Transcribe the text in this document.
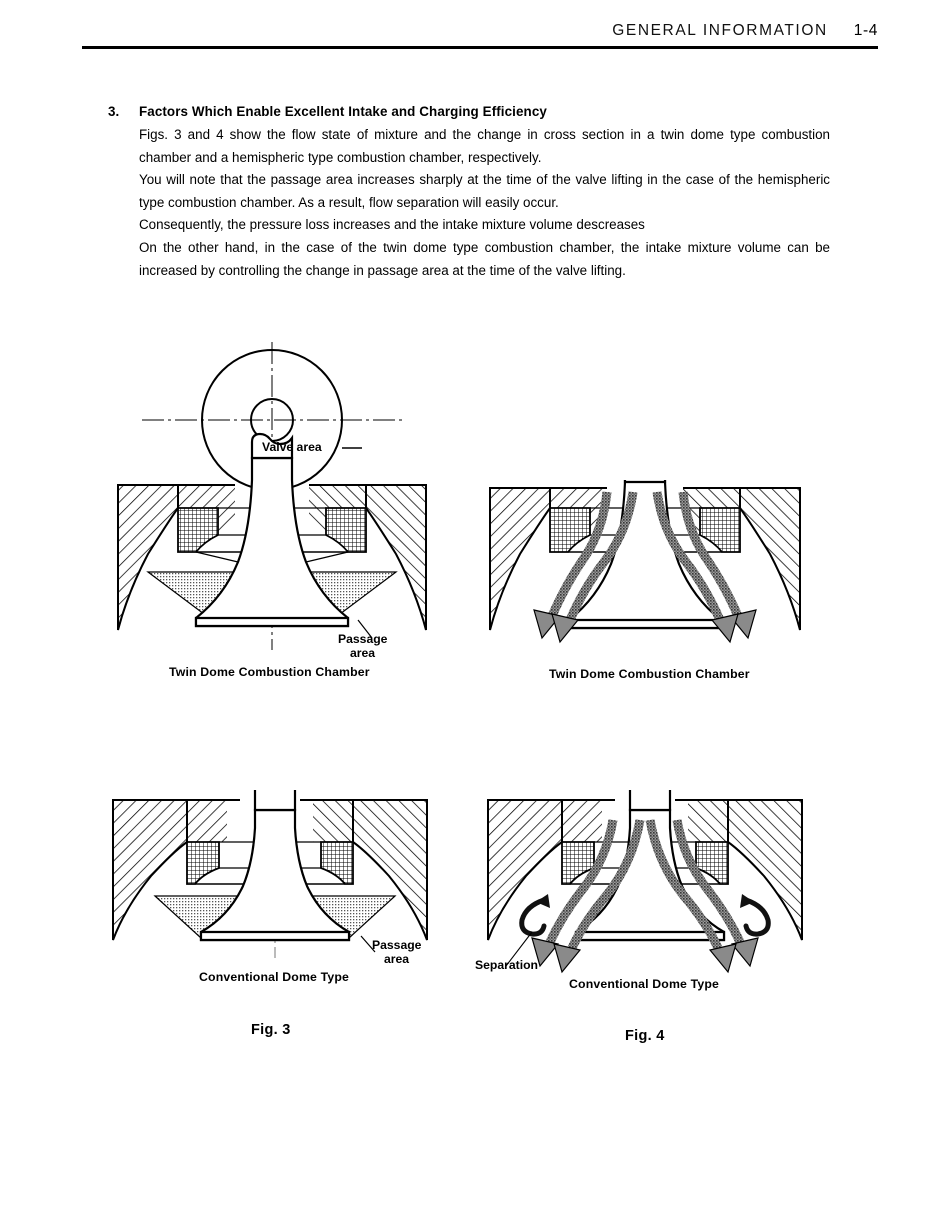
GENERAL INFORMATION 1-4
3.	Factors Which Enable Excellent Intake and Charging Efficiency
Figs. 3 and 4 show the flow state of mixture and the change in cross section in a twin dome type combustion chamber and a hemispheric type combustion chamber, respectively.
You will note that the passage area increases sharply at the time of the valve lifting in the case of the hemispheric type combustion chamber. As a result, flow separation will easily occur.
Consequently, the pressure loss increases and the intake mixture volume descreases
On the other hand, in the case of the twin dome type combustion chamber, the intake mixture volume can be increased by controlling the change in passage area at the time of the valve lifting.
Valve area
Passage
area
Twin Dome Combustion Chamber	Twin Dome Combustion Chamber
Passage
area
Conventional Dome Type
Separation
Conventional Dome Type
Fig. 3	Fig. 4
